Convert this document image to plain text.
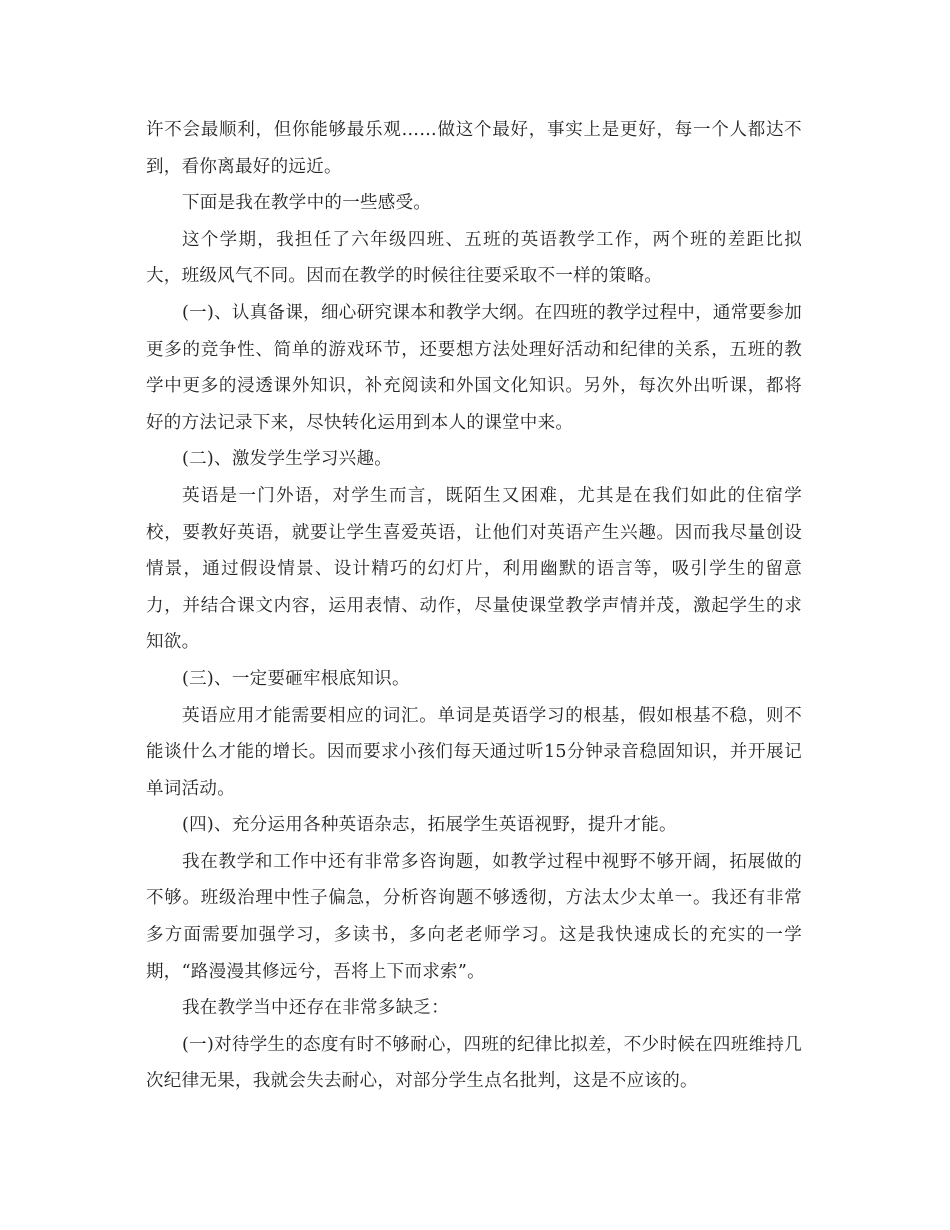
许不会最顺利，但你能够最乐观……做这个最好，事实上是更好，每一个人都达不到，看你离最好的远近。

下面是我在教学中的一些感受。

这个学期，我担任了六年级四班、五班的英语教学工作，两个班的差距比拟大，班级风气不同。因而在教学的时候往往要采取不一样的策略。

(一)、认真备课，细心研究课本和教学大纲。在四班的教学过程中，通常要参加更多的竞争性、简单的游戏环节，还要想方法处理好活动和纪律的关系，五班的教学中更多的浸透课外知识，补充阅读和外国文化知识。另外，每次外出听课，都将好的方法记录下来，尽快转化运用到本人的课堂中来。

(二)、激发学生学习兴趣。

英语是一门外语，对学生而言，既陌生又困难，尤其是在我们如此的住宿学校，要教好英语，就要让学生喜爱英语，让他们对英语产生兴趣。因而我尽量创设情景，通过假设情景、设计精巧的幻灯片，利用幽默的语言等，吸引学生的留意力，并结合课文内容，运用表情、动作，尽量使课堂教学声情并茂，激起学生的求知欲。

(三)、一定要砸牢根底知识。

英语应用才能需要相应的词汇。单词是英语学习的根基，假如根基不稳，则不能谈什么才能的增长。因而要求小孩们每天通过听15分钟录音稳固知识，并开展记单词活动。

(四)、充分运用各种英语杂志，拓展学生英语视野，提升才能。

我在教学和工作中还有非常多咨询题，如教学过程中视野不够开阔，拓展做的不够。班级治理中性子偏急，分析咨询题不够透彻，方法太少太单一。我还有非常多方面需要加强学习，多读书，多向老老师学习。这是我快速成长的充实的一学期，“路漫漫其修远兮，吾将上下而求索”。

我在教学当中还存在非常多缺乏：

(一)对待学生的态度有时不够耐心，四班的纪律比拟差，不少时候在四班维持几次纪律无果，我就会失去耐心，对部分学生点名批判，这是不应该的。
